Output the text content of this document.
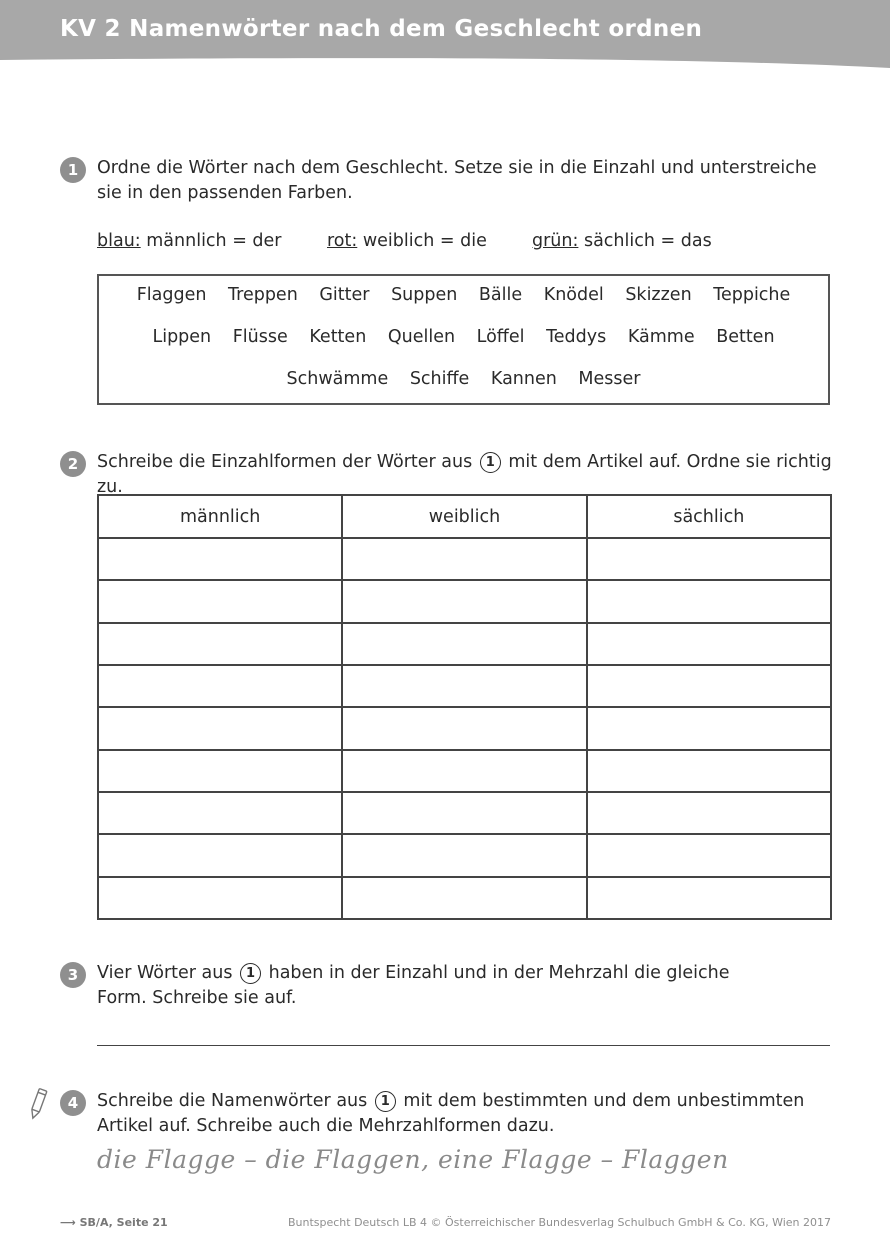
KV 2 Namenwörter nach dem Geschlecht ordnen
1	Ordne die Wörter nach dem Geschlecht. Setze sie in die Einzahl und unterstreiche sie in den passenden Farben.
blau: männlich = der	rot: weiblich = die	grün: sächlich = das
Flaggen Treppen Gitter Suppen Bälle Knödel Skizzen Teppiche
Lippen Flüsse Ketten Quellen Löffel Teddys Kämme Betten
Schwämme Schiffe Kannen Messer
2	Schreibe die Einzahlformen der Wörter aus 1 mit dem Artikel auf. Ordne sie richtig zu.
männlich	weiblich	sächlich

3	Vier Wörter aus 1 haben in der Einzahl und in der Mehrzahl die gleiche Form. Schreibe sie auf.
4	Schreibe die Namenwörter aus 1 mit dem bestimmten und dem unbestimmten Artikel auf. Schreibe auch die Mehrzahlformen dazu.
die Flagge – die Flaggen, eine Flagge – Flaggen
⟶ SB/A, Seite 21	Buntspecht Deutsch LB 4 © Österreichischer Bundesverlag Schulbuch GmbH & Co. KG, Wien 2017
